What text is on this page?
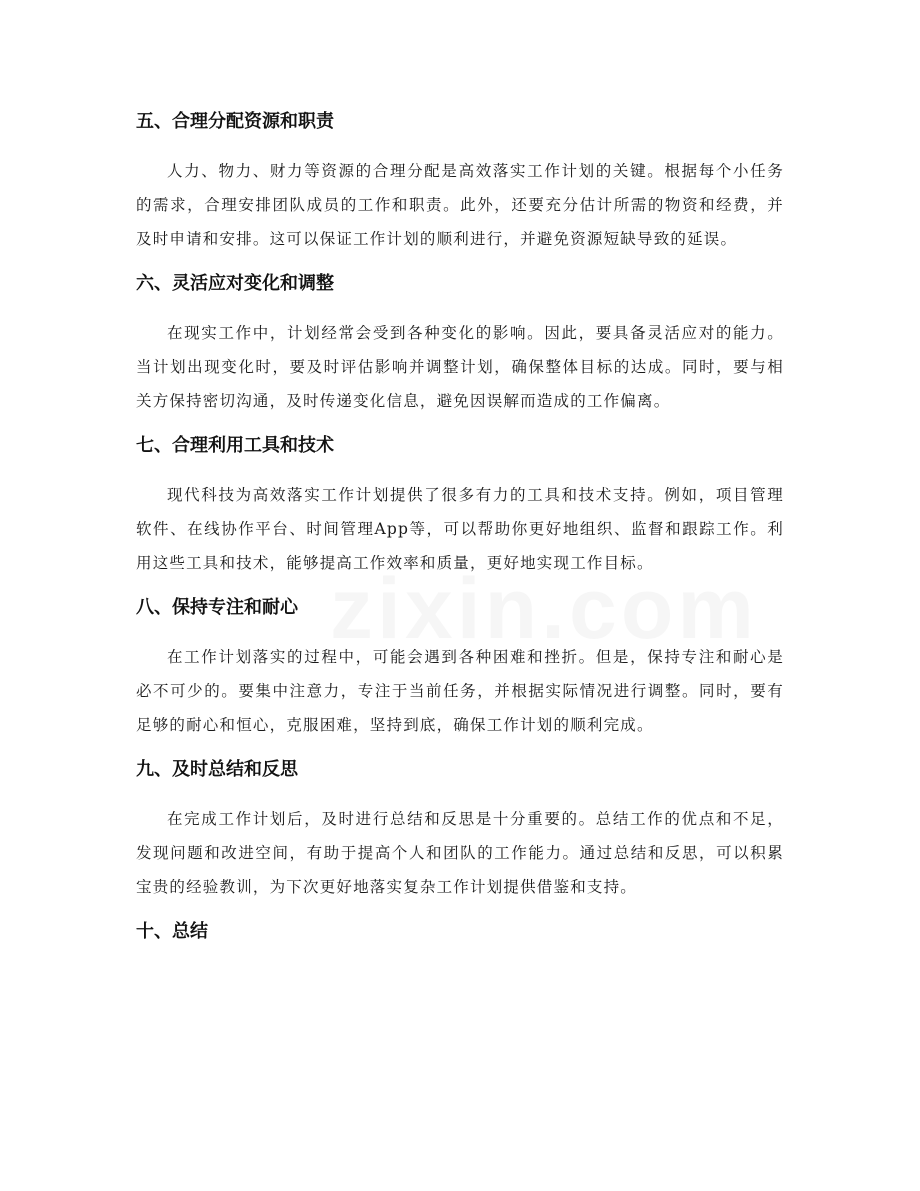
五、合理分配资源和职责

人力、物力、财力等资源的合理分配是高效落实工作计划的关键。根据每个小任务的需求，合理安排团队成员的工作和职责。此外，还要充分估计所需的物资和经费，并及时申请和安排。这可以保证工作计划的顺利进行，并避免资源短缺导致的延误。

六、灵活应对变化和调整

在现实工作中，计划经常会受到各种变化的影响。因此，要具备灵活应对的能力。当计划出现变化时，要及时评估影响并调整计划，确保整体目标的达成。同时，要与相关方保持密切沟通，及时传递变化信息，避免因误解而造成的工作偏离。

七、合理利用工具和技术

现代科技为高效落实工作计划提供了很多有力的工具和技术支持。例如，项目管理软件、在线协作平台、时间管理App等，可以帮助你更好地组织、监督和跟踪工作。利用这些工具和技术，能够提高工作效率和质量，更好地实现工作目标。

八、保持专注和耐心

在工作计划落实的过程中，可能会遇到各种困难和挫折。但是，保持专注和耐心是必不可少的。要集中注意力，专注于当前任务，并根据实际情况进行调整。同时，要有足够的耐心和恒心，克服困难，坚持到底，确保工作计划的顺利完成。

九、及时总结和反思

在完成工作计划后，及时进行总结和反思是十分重要的。总结工作的优点和不足，发现问题和改进空间，有助于提高个人和团队的工作能力。通过总结和反思，可以积累宝贵的经验教训，为下次更好地落实复杂工作计划提供借鉴和支持。

十、总结
